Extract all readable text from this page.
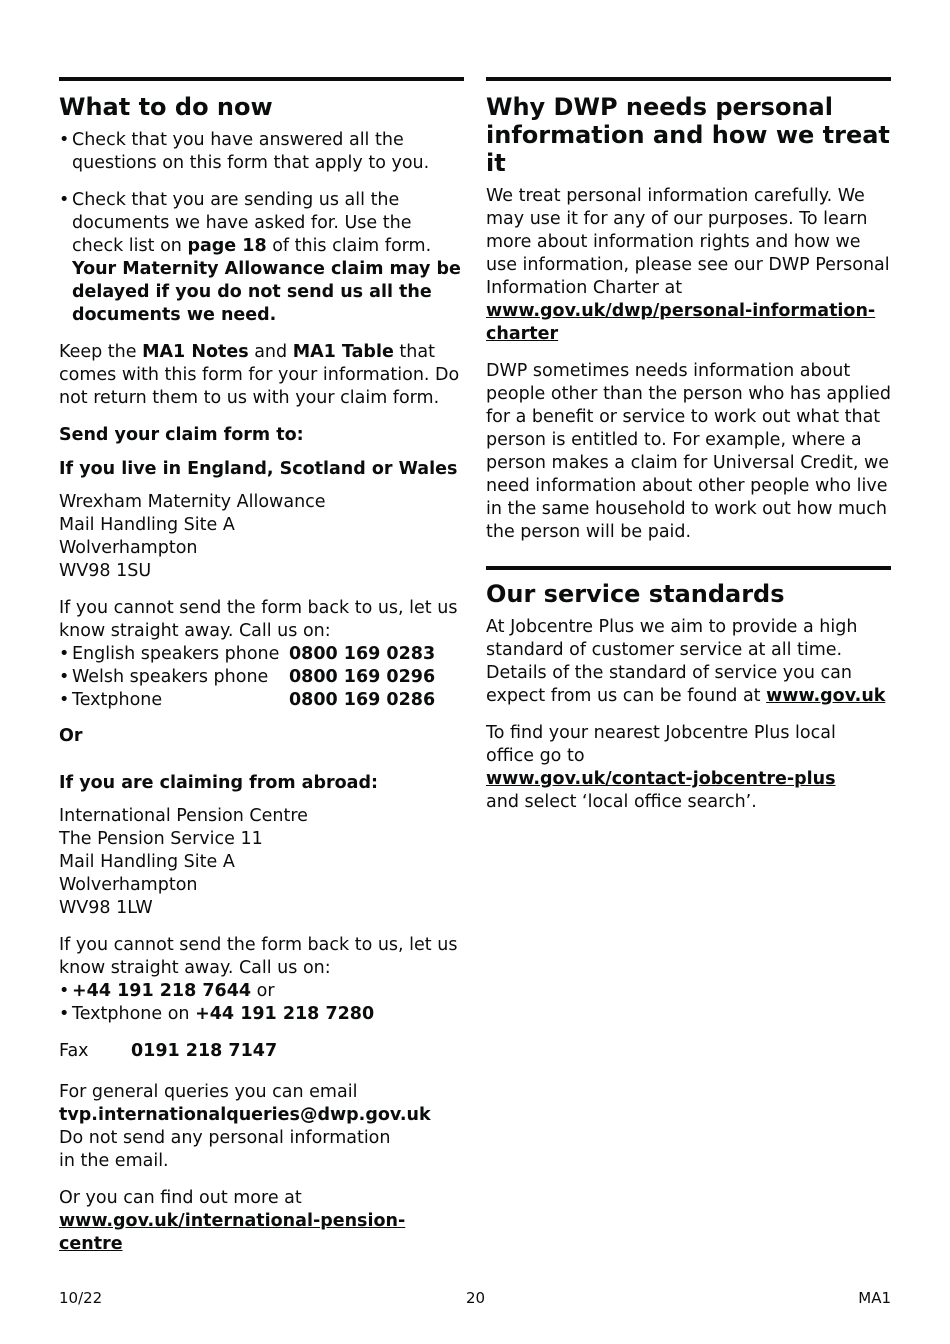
What to do now
• Check that you have answered all the questions on this form that apply to you.
• Check that you are sending us all the documents we have asked for. Use the check list on page 18 of this claim form. Your Maternity Allowance claim may be delayed if you do not send us all the documents we need.

Keep the MA1 Notes and MA1 Table that comes with this form for your information. Do not return them to us with your claim form.

Send your claim form to:
If you live in England, Scotland or Wales

Wrexham Maternity Allowance
Mail Handling Site A
Wolverhampton
WV98 1SU

If you cannot send the form back to us, let us know straight away. Call us on:

• English speakers phone 0800 169 0283
• Welsh speakers phone 0800 169 0296
• Textphone	0800 169 0286

Or

If you are claiming from abroad:

International Pension Centre
The Pension Service 11
Mail Handling Site A
Wolverhampton
WV98 1LW

If you cannot send the form back to us, let us know straight away. Call us on:

• +44 191 218 7644 or
• Textphone on +44 191 218 7280
Fax 0191 218 7147

For general queries you can email
tvp.internationalqueries@dwp.gov.uk
Do not send any personal information in the email.

Or you can find out more at
www.gov.uk/international-pension-centre

Why DWP needs personal information and how we treat it

We treat personal information carefully. We may use it for any of our purposes. To learn more about information rights and how we use information, please see our DWP Personal Information Charter at www.gov.uk/dwp/personal-information-charter

DWP sometimes needs information about people other than the person who has applied for a benefit or service to work out what that person is entitled to. For example, where a person makes a claim for Universal Credit, we need information about other people who live in the same household to work out how much the person will be paid.

Our service standards

At Jobcentre Plus we aim to provide a high standard of customer service at all time. Details of the standard of service you can expect from us can be found at www.gov.uk

To find your nearest Jobcentre Plus local office go to
www.gov.uk/contact-jobcentre-plus
and select ‘local office search’.

10/22	20	MA1
